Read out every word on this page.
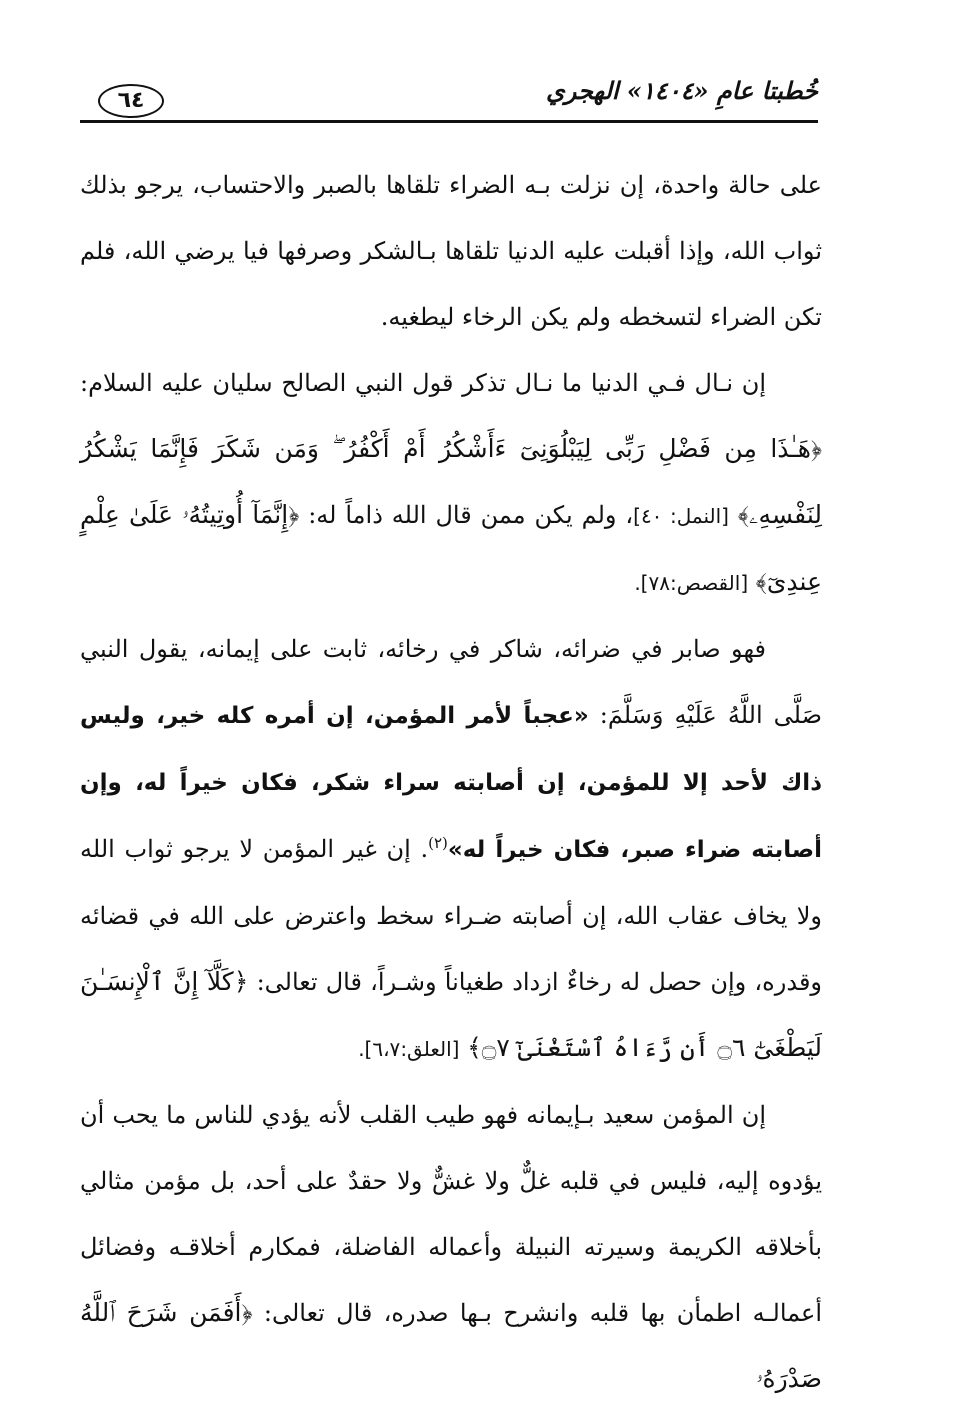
٦٤	خُطبتا عامِ «١٤٠٤» الهجري

على حالة واحدة، إن نزلت بـه الضراء تلقاها بالصبر والاحتساب، يرجو بذلك ثواب الله، وإذا أقبلت عليه الدنيا تلقاها بـالشكر وصرفها فيا يرضي الله، فلم تكن الضراء لتسخطه ولم يكن الرخاء ليطغيه.

إن نـال فـي الدنيا ما نـال تذكر قول النبي الصالح سليان عليه السلام: ﴿هَـٰذَا مِن فَضْلِ رَبِّى لِيَبْلُوَنِىٓ ءَأَشْكُرُ أَمْ أَكْفُرُ ۖ وَمَن شَكَرَ فَإِنَّمَا يَشْكُرُ لِنَفْسِهِۦ﴾ [النمل: ٤٠]، ولم يكن ممن قال الله ذاماً له: ﴿إِنَّمَآ أُوتِيتُهُۥ عَلَىٰ عِلْمٍ عِندِىٓ﴾ [القصص:٧٨].

فهو صابر في ضرائه، شاكر في رخائه، ثابت على إيمانه، يقول النبي صَلَّى اللَّهُ عَلَيْهِ وَسَلَّمَ: «عجباً لأمر المؤمن، إن أمره كله خير، وليس ذاك لأحد إلا للمؤمن، إن أصابته سراء شكر، فكان خيراً له، وإن أصابته ضراء صبر، فكان خيراً له»$^{(٢)}$. إن غير المؤمن لا يرجو ثواب الله ولا يخاف عقاب الله، إن أصابته ضـراء سخط واعترض على الله في قضائه وقدره، وإن حصل له رخاءٌ ازداد طغياناً وشـراً، قال تعالى: ﴿كَلَّآ إِنَّ ٱلْإِنسَـٰنَ لَيَطْغَىٰٓ ۝٦ أَن رَّءَاهُ ٱسْتَغْنَىٰٓ ۝٧﴾ [العلق:٦،٧].

إن المؤمن سعيد بـإيمانه فهو طيب القلب لأنه يؤدي للناس ما يحب أن يؤدوه إليه، فليس في قلبه غلٌّ ولا غشٌّ ولا حقدٌ على أحد، بل مؤمن مثالي بأخلاقه الكريمة وسيرته النبيلة وأعماله الفاضلة، فمكارم أخلاقـه وفضائل أعمالـه اطمأن بها قلبه وانشرح بـها صدره، قال تعالى: ﴿أَفَمَن شَرَحَ ٱللَّهُ صَدْرَهُۥ
